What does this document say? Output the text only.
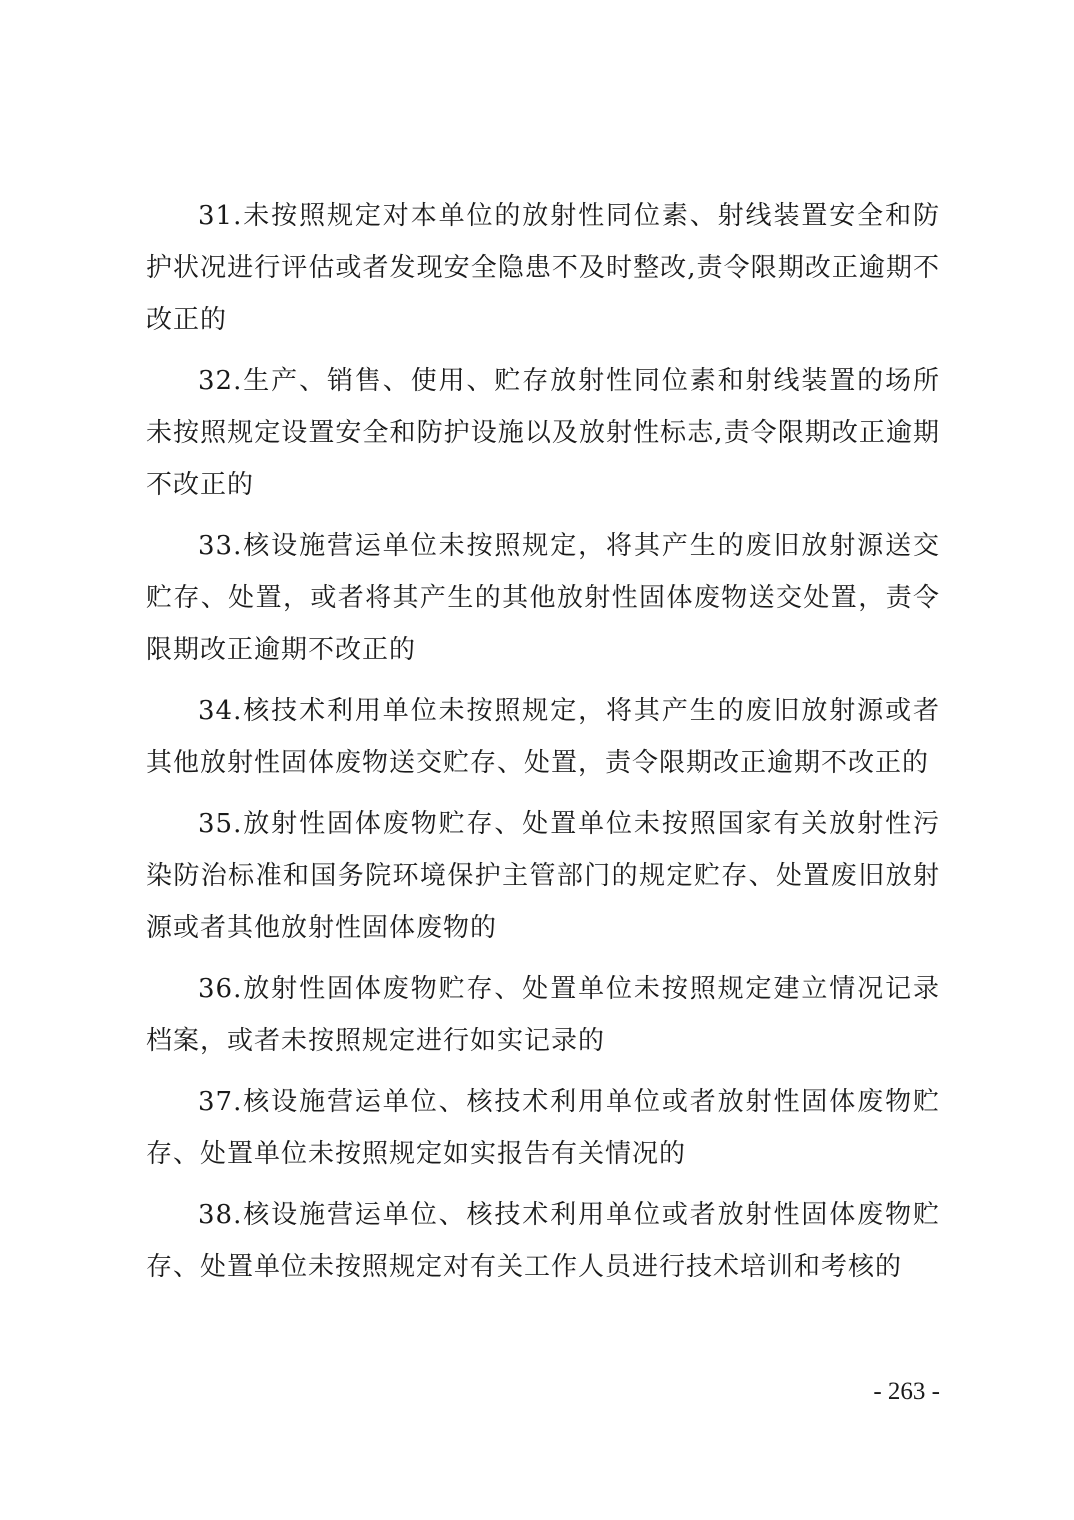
31.未按照规定对本单位的放射性同位素、射线装置安全和防护状况进行评估或者发现安全隐患不及时整改,责令限期改正逾期不改正的

32.生产、销售、使用、贮存放射性同位素和射线装置的场所未按照规定设置安全和防护设施以及放射性标志,责令限期改正逾期不改正的

33.核设施营运单位未按照规定，将其产生的废旧放射源送交贮存、处置，或者将其产生的其他放射性固体废物送交处置，责令限期改正逾期不改正的

34.核技术利用单位未按照规定，将其产生的废旧放射源或者其他放射性固体废物送交贮存、处置，责令限期改正逾期不改正的

35.放射性固体废物贮存、处置单位未按照国家有关放射性污染防治标准和国务院环境保护主管部门的规定贮存、处置废旧放射源或者其他放射性固体废物的

36.放射性固体废物贮存、处置单位未按照规定建立情况记录档案，或者未按照规定进行如实记录的

37.核设施营运单位、核技术利用单位或者放射性固体废物贮存、处置单位未按照规定如实报告有关情况的

38.核设施营运单位、核技术利用单位或者放射性固体废物贮存、处置单位未按照规定对有关工作人员进行技术培训和考核的

- 263 -
